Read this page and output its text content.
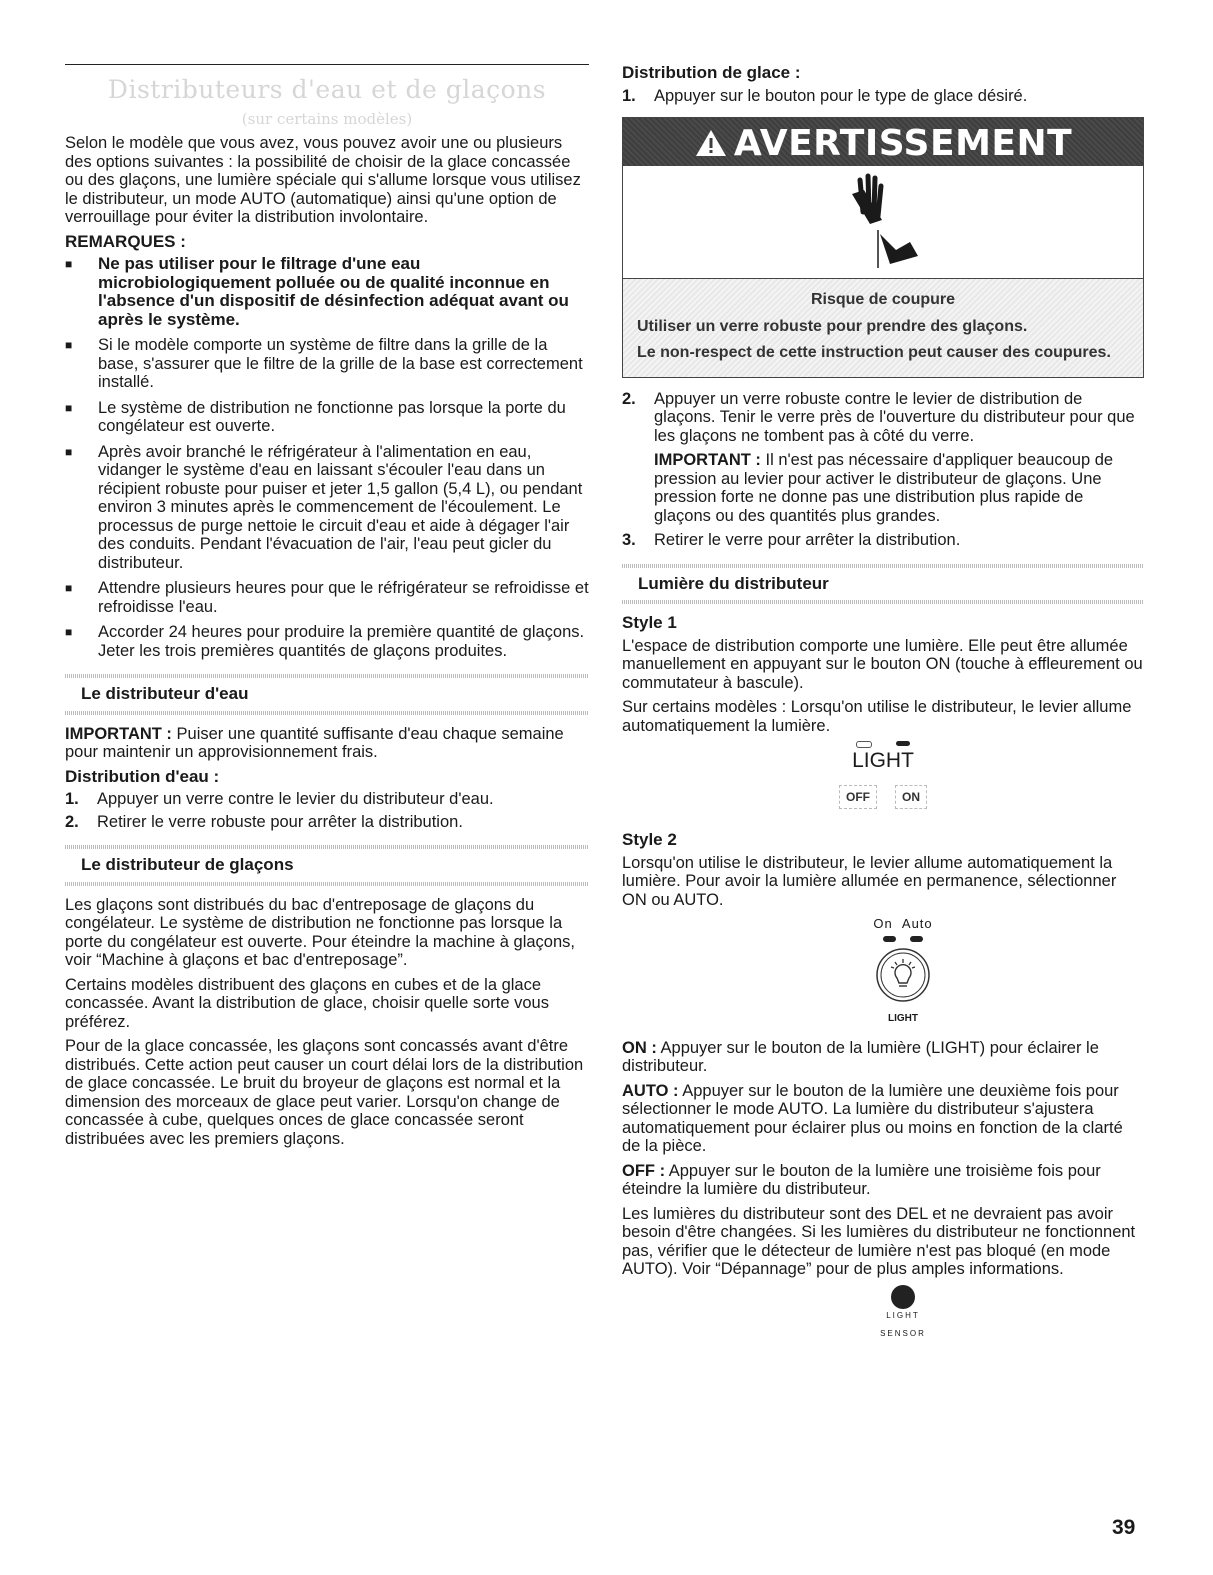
Distributeurs d'eau et de glaçons
(sur certains modèles)

Selon le modèle que vous avez, vous pouvez avoir une ou plusieurs des options suivantes : la possibilité de choisir de la glace concassée ou des glaçons, une lumière spéciale qui s'allume lorsque vous utilisez le distributeur, un mode AUTO (automatique) ainsi qu'une option de verrouillage pour éviter la distribution involontaire.

REMARQUES :
■ Ne pas utiliser pour le filtrage d'une eau microbiologiquement polluée ou de qualité inconnue en l'absence d'un dispositif de désinfection adéquat avant ou après le système.
■ Si le modèle comporte un système de filtre dans la grille de la base, s'assurer que le filtre de la grille de la base est correctement installé.
■ Le système de distribution ne fonctionne pas lorsque la porte du congélateur est ouverte.
■ Après avoir branché le réfrigérateur à l'alimentation en eau, vidanger le système d'eau en laissant s'écouler l'eau dans un récipient robuste pour puiser et jeter 1,5 gallon (5,4 L), ou pendant environ 3 minutes après le commencement de l'écoulement. Le processus de purge nettoie le circuit d'eau et aide à dégager l'air des conduits. Pendant l'évacuation de l'air, l'eau peut gicler du distributeur.
■ Attendre plusieurs heures pour que le réfrigérateur se refroidisse et refroidisse l'eau.
■ Accorder 24 heures pour produire la première quantité de glaçons. Jeter les trois premières quantités de glaçons produites.
Le distributeur d'eau

IMPORTANT : Puiser une quantité suffisante d'eau chaque semaine pour maintenir un approvisionnement frais.

Distribution d'eau :
1. Appuyer un verre contre le levier du distributeur d'eau.
2. Retirer le verre robuste pour arrêter la distribution.
Le distributeur de glaçons

Les glaçons sont distribués du bac d'entreposage de glaçons du congélateur. Le système de distribution ne fonctionne pas lorsque la porte du congélateur est ouverte. Pour éteindre la machine à glaçons, voir “Machine à glaçons et bac d'entreposage”.

Certains modèles distribuent des glaçons en cubes et de la glace concassée. Avant la distribution de glace, choisir quelle sorte vous préférez.

Pour de la glace concassée, les glaçons sont concassés avant d'être distribués. Cette action peut causer un court délai lors de la distribution de glace concassée. Le bruit du broyeur de glaçons est normal et la dimension des morceaux de glace peut varier. Lorsqu'on change de concassée à cube, quelques onces de glace concassée seront distribuées avec les premiers glaçons.

Distribution de glace :
1. Appuyer sur le bouton pour le type de glace désiré.
AVERTISSEMENT
Risque de coupure

Utiliser un verre robuste pour prendre des glaçons.

Le non-respect de cette instruction peut causer des coupures.

2. Appuyer un verre robuste contre le levier de distribution de glaçons. Tenir le verre près de l'ouverture du distributeur pour que les glaçons ne tombent pas à côté du verre.

IMPORTANT : Il n'est pas nécessaire d'appliquer beaucoup de pression au levier pour activer le distributeur de glaçons. Une pression forte ne donne pas une distribution plus rapide de glaçons ou des quantités plus grandes.

3. Retirer le verre pour arrêter la distribution.
Lumière du distributeur
Style 1

L'espace de distribution comporte une lumière. Elle peut être allumée manuellement en appuyant sur le bouton ON (touche à effleurement ou commutateur à bascule).

Sur certains modèles : Lorsqu'on utilise le distributeur, le levier allume automatiquement la lumière.

LIGHT
OFF	ON
Style 2

Lorsqu'on utilise le distributeur, le levier allume automatiquement la lumière. Pour avoir la lumière allumée en permanence, sélectionner ON ou AUTO.

On Auto
LIGHT

ON : Appuyer sur le bouton de la lumière (LIGHT) pour éclairer le distributeur.

AUTO : Appuyer sur le bouton de la lumière une deuxième fois pour sélectionner le mode AUTO. La lumière du distributeur s'ajustera automatiquement pour éclairer plus ou moins en fonction de la clarté de la pièce.

OFF : Appuyer sur le bouton de la lumière une troisième fois pour éteindre la lumière du distributeur.

Les lumières du distributeur sont des DEL et ne devraient pas avoir besoin d'être changées. Si les lumières du distributeur ne fonctionnent pas, vérifier que le détecteur de lumière n'est pas bloqué (en mode AUTO). Voir “Dépannage” pour de plus amples informations.

LIGHT SENSOR
39
